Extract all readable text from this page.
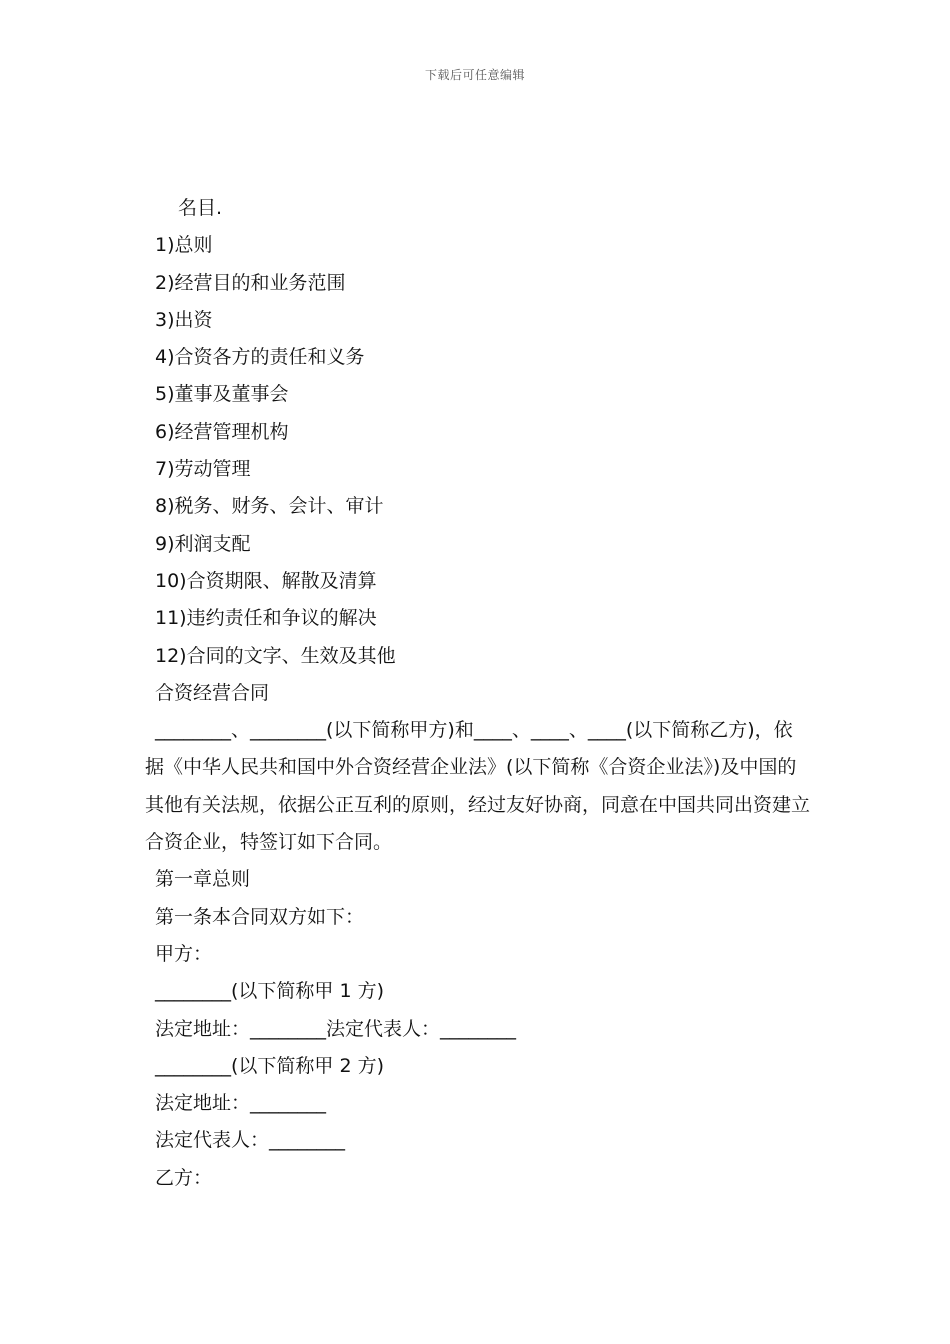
下载后可任意编辑
名目.
1)总则
2)经营目的和业务范围
3)出资
4)合资各方的责任和义务
5)董事及董事会
6)经营管理机构
7)劳动管理
8)税务、财务、会计、审计
9)利润支配
10)合资期限、解散及清算
11)违约责任和争议的解决
12)合同的文字、生效及其他
合资经营合同
________、________(以下简称甲方)和____、____、____(以下简称乙方)，依据《中华人民共和国中外合资经营企业法》(以下简称《合资企业法》)及中国的其他有关法规，依据公正互利的原则，经过友好协商，同意在中国共同出资建立合资企业，特签订如下合同。
第一章总则
第一条本合同双方如下：
甲方：
________(以下简称甲 1 方)
法定地址：________法定代表人：________
________(以下简称甲 2 方)
法定地址：________
法定代表人：________
乙方：
